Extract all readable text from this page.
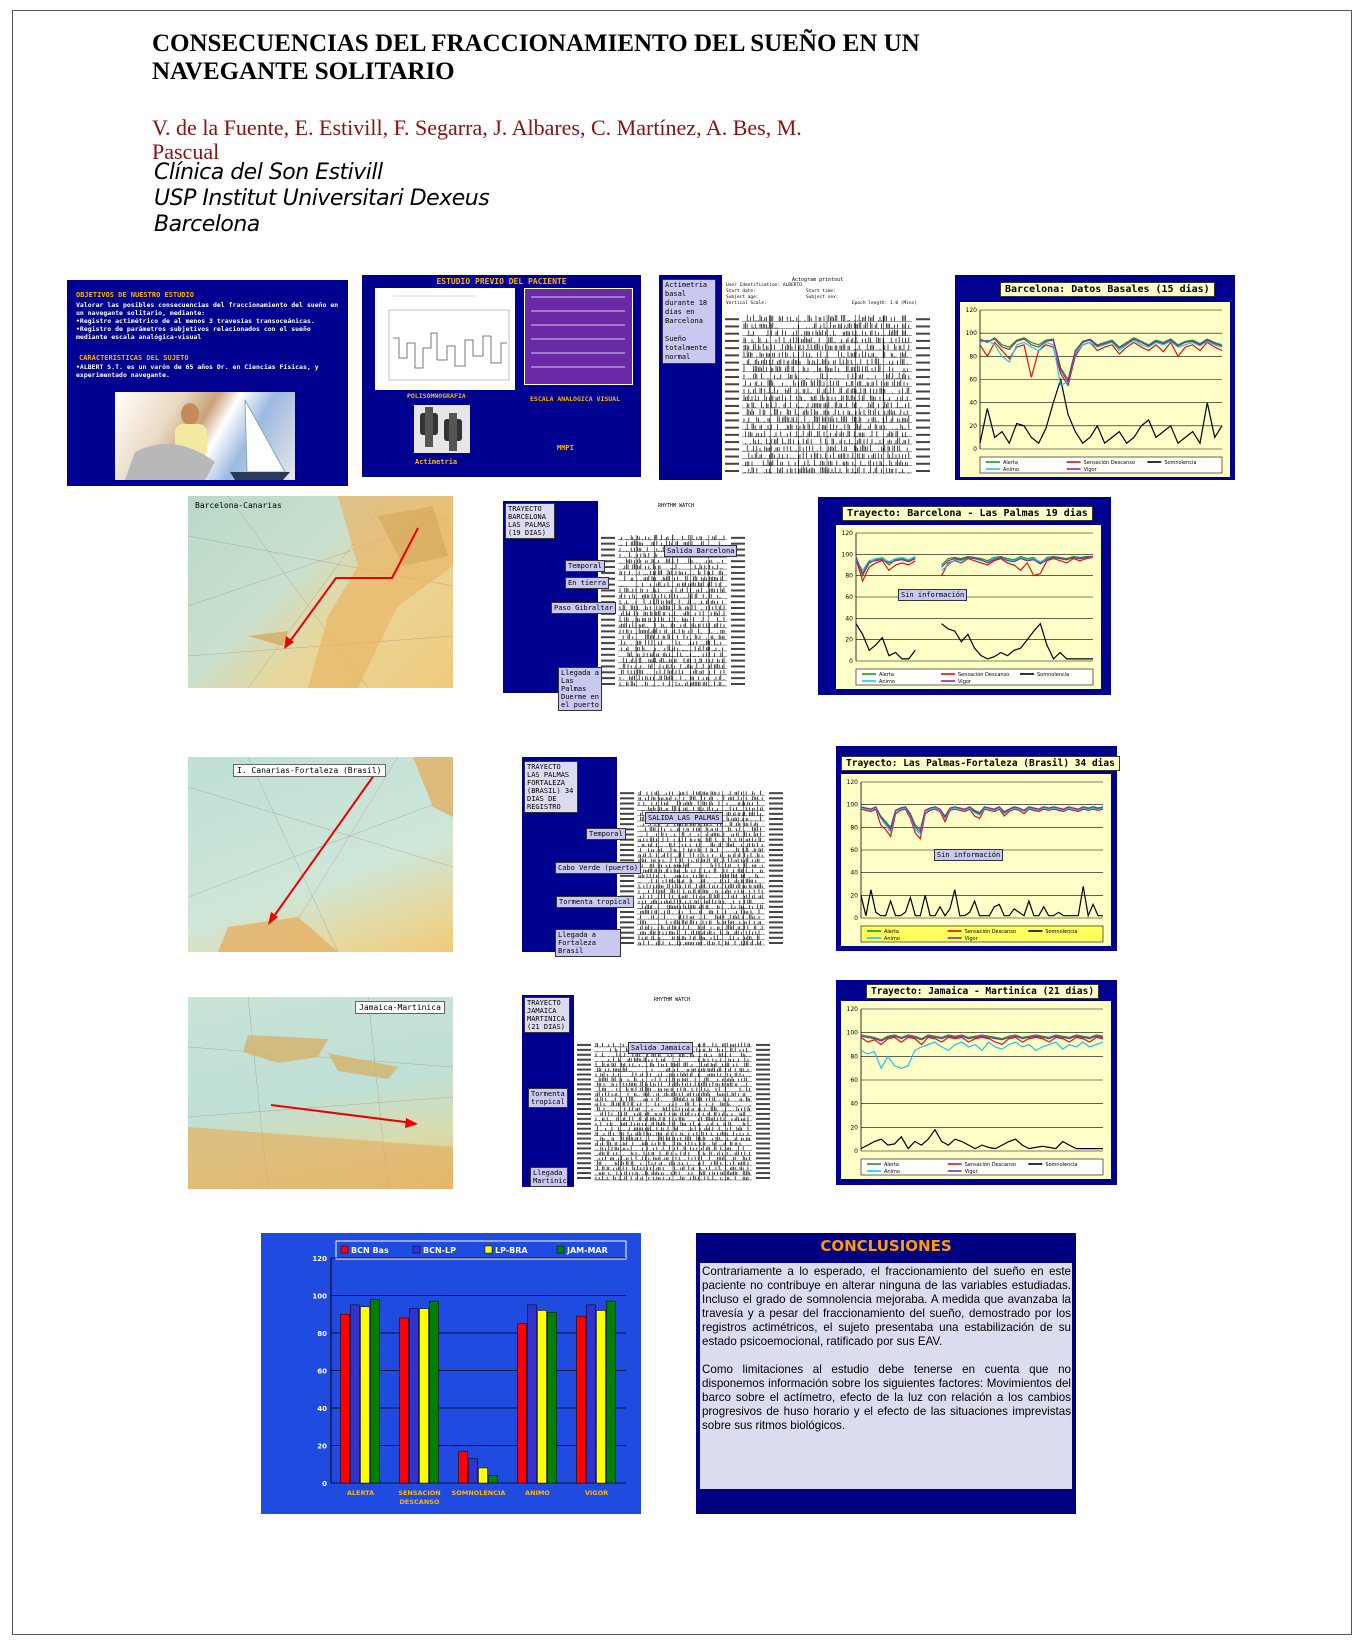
CONSECUENCIAS DEL FRACCIONAMIENTO DEL SUEÑO EN UN NAVEGANTE SOLITARIO
V. de la Fuente, E. Estivill, F. Segarra, J. Albares, C. Martínez, A. Bes, M. Pascual
Clínica del Son Estivill
USP Institut Universitari Dexeus
Barcelona
OBJETIVOS DE NUESTRO ESTUDIO
Valorar las posibles consecuencias del fraccionamiento del sueño en un navegante solitario, mediante:
•Registro actimétrico de al menos 3 travesías transoceánicas.
•Registro de parámetros subjetivos relacionados con el sueño mediante escala analógica-visual
CARACTERISTICAS DEL SUJETO
•ALBERT S.T. es un varón de 65 años Dr. en Ciencias Físicas, y experimentado navegante.
ESTUDIO PREVIO DEL PACIENTE
POLISOMNOGRAFIA	ESCALA ANALOGICA VISUAL
Actimetria
MMPI
Actimetria basal durante 18 dias en Barcelona

Sueño totalmente normal
Actogram printout
User Identification: ALBERTO
Start date:
Subject age:
Vertical Scale:
Start time:
Subject sex:
Epoch length: 1.0 (Mins)
Barcelona: Datos Basales (15 dias)
0
20
40
60
80
100
120
Alerta	Sensación Descanso	Somnolencia
Animo	Vigor
Barcelona-Canarias	TRAYECTO BARCELONA LAS PALMAS (19 DIAS)
RHYTHM WATCH
Salida Barcelona
Temporal
En tierra
Paso Gibraltar
Llegada a Las Palmas Duerme en el puerto
Trayecto: Barcelona - Las Palmas 19 dias
0
20
40
60
80
100
120
Alerta	Sensación Descanso	Somnolencia
Animo	Vigor
Sin información
I. Canarias-Fortaleza (Brasil)	TRAYECTO LAS PALMAS FORTALEZA (BRASIL) 34 DIAS DE REGISTRO
SALIDA LAS PALMAS
Temporal
Cabo Verde (puerto)
Tormenta tropical
Llegada a Fortaleza Brasil
Trayecto: Las Palmas-Fortaleza (Brasil) 34 dias
0
20
40
60
80
100
120
Alerta	Sensación Descanso	Somnolencia
Animo	Vigor
Sin información
Jamaica-Martinica	TRAYECTO JAMAICA MARTINICA (21 DIAS)
RHYTHM WATCH
Salida Jamaica
Tormenta tropical
Llegada Martinica
Trayecto: Jamaica - Martinica (21 dias)
0
20
40
60
80
100
120
Alerta	Sensación Descanso	Somnolencia
Animo	Vigor
BCN Bas	BCN-LP	LP-BRA	JAM-MAR
0
20
40
60
80
100
120
ALERTA	SENSACION
DESCANSO
SOMNOLENCIA	ANIMO	VIGOR
CONCLUSIONES

Contrariamente a lo esperado, el fraccionamiento del sueño en este paciente no contribuye en alterar ninguna de las variables estudiadas. Incluso el grado de somnolencia mejoraba. A medida que avanzaba la travesía y a pesar del fraccionamiento del sueño, demostrado por los registros actimétricos, el sujeto presentaba una estabilización de su estado psicoemocional, ratificado por sus EAV.

Como limitaciones al estudio debe tenerse en cuenta que no disponemos información sobre los siguientes factores: Movimientos del barco sobre el actímetro, efecto de la luz con relación a los cambios progresivos de huso horario y el efecto de las situaciones imprevistas sobre sus ritmos biológicos.
